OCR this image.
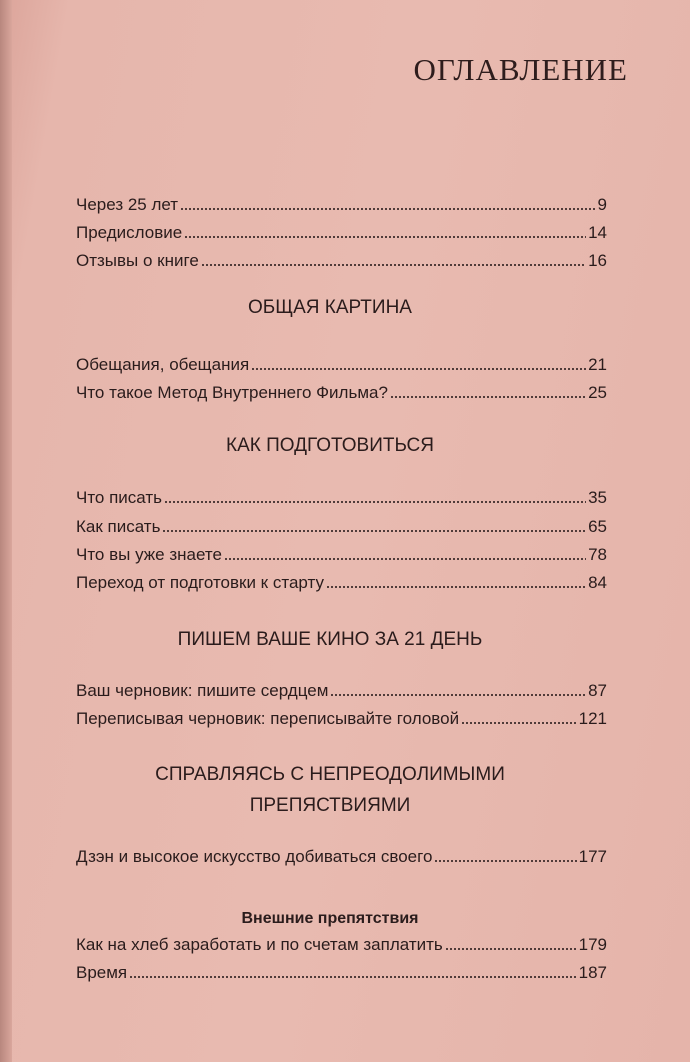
ОГЛАВЛЕНИЕ
Через 25 лет	9
Предисловие	14
Отзывы о книге	16
ОБЩАЯ КАРТИНА
Обещания, обещания	21
Что такое Метод Внутреннего Фильма?	25
КАК ПОДГОТОВИТЬСЯ
Что писать	35
Как писать	65
Что вы уже знаете	78
Переход от подготовки к старту	84
ПИШЕМ ВАШЕ КИНО ЗА 21 ДЕНЬ
Ваш черновик: пишите сердцем	87
Переписывая черновик: переписывайте головой	121
СПРАВЛЯЯСЬ С НЕПРЕОДОЛИМЫМИ
ПРЕПЯСТВИЯМИ
Дзэн и высокое искусство добиваться своего	177
Внешние препятствия
Как на хлеб заработать и по счетам заплатить	179
Время	187
